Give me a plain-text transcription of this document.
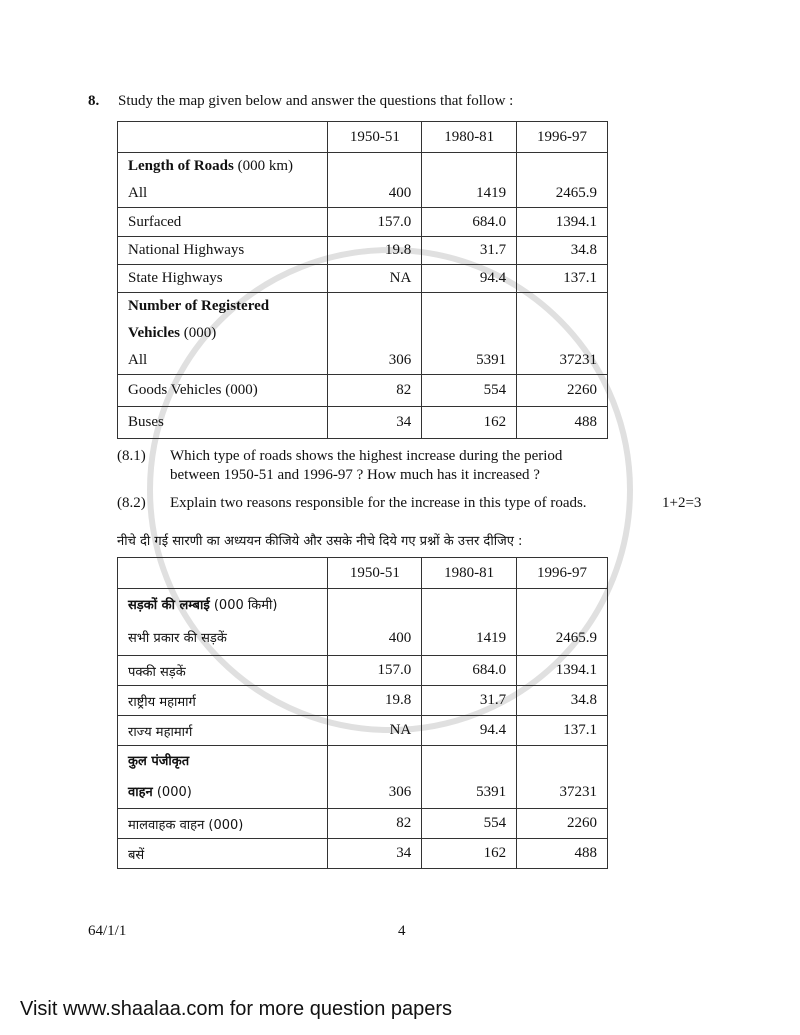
8. Study the map given below and answer the questions that follow :
	1950-51	1980-81	1996-97

Length of Roads (000 km)
All	400	1419	2465.9
Surfaced	157.0	684.0	1394.1
National Highways	19.8	31.7	34.8
State Highways	NA	94.4	137.1

Number of Registered
Vehicles (000)
All	306	5391	37231
Goods Vehicles (000)	82	554	2260
Buses	34	162	488
(8.1) Which type of roads shows the highest increase during the period
between 1950-51 and 1996-97 ? How much has it increased ?
(8.2) Explain two reasons responsible for the increase in this type of roads.	1+2=3
नीचे दी गई सारणी का अध्ययन कीजिये और उसके नीचे दिये गए प्रश्नों के उत्तर दीजिए :
	1950-51	1980-81	1996-97

सड़कों की लम्बाई (000 किमी)
सभी प्रकार की सड़कें	400	1419	2465.9
पक्की सड़कें	157.0	684.0	1394.1
राष्ट्रीय महामार्ग	19.8	31.7	34.8
राज्य महामार्ग	NA	94.4	137.1

कुल पंजीकृत
वाहन (000)	306	5391	37231
मालवाहक वाहन (000)	82	554	2260
बसें	34	162	488
64/1/1	4
Visit www.shaalaa.com for more question papers
